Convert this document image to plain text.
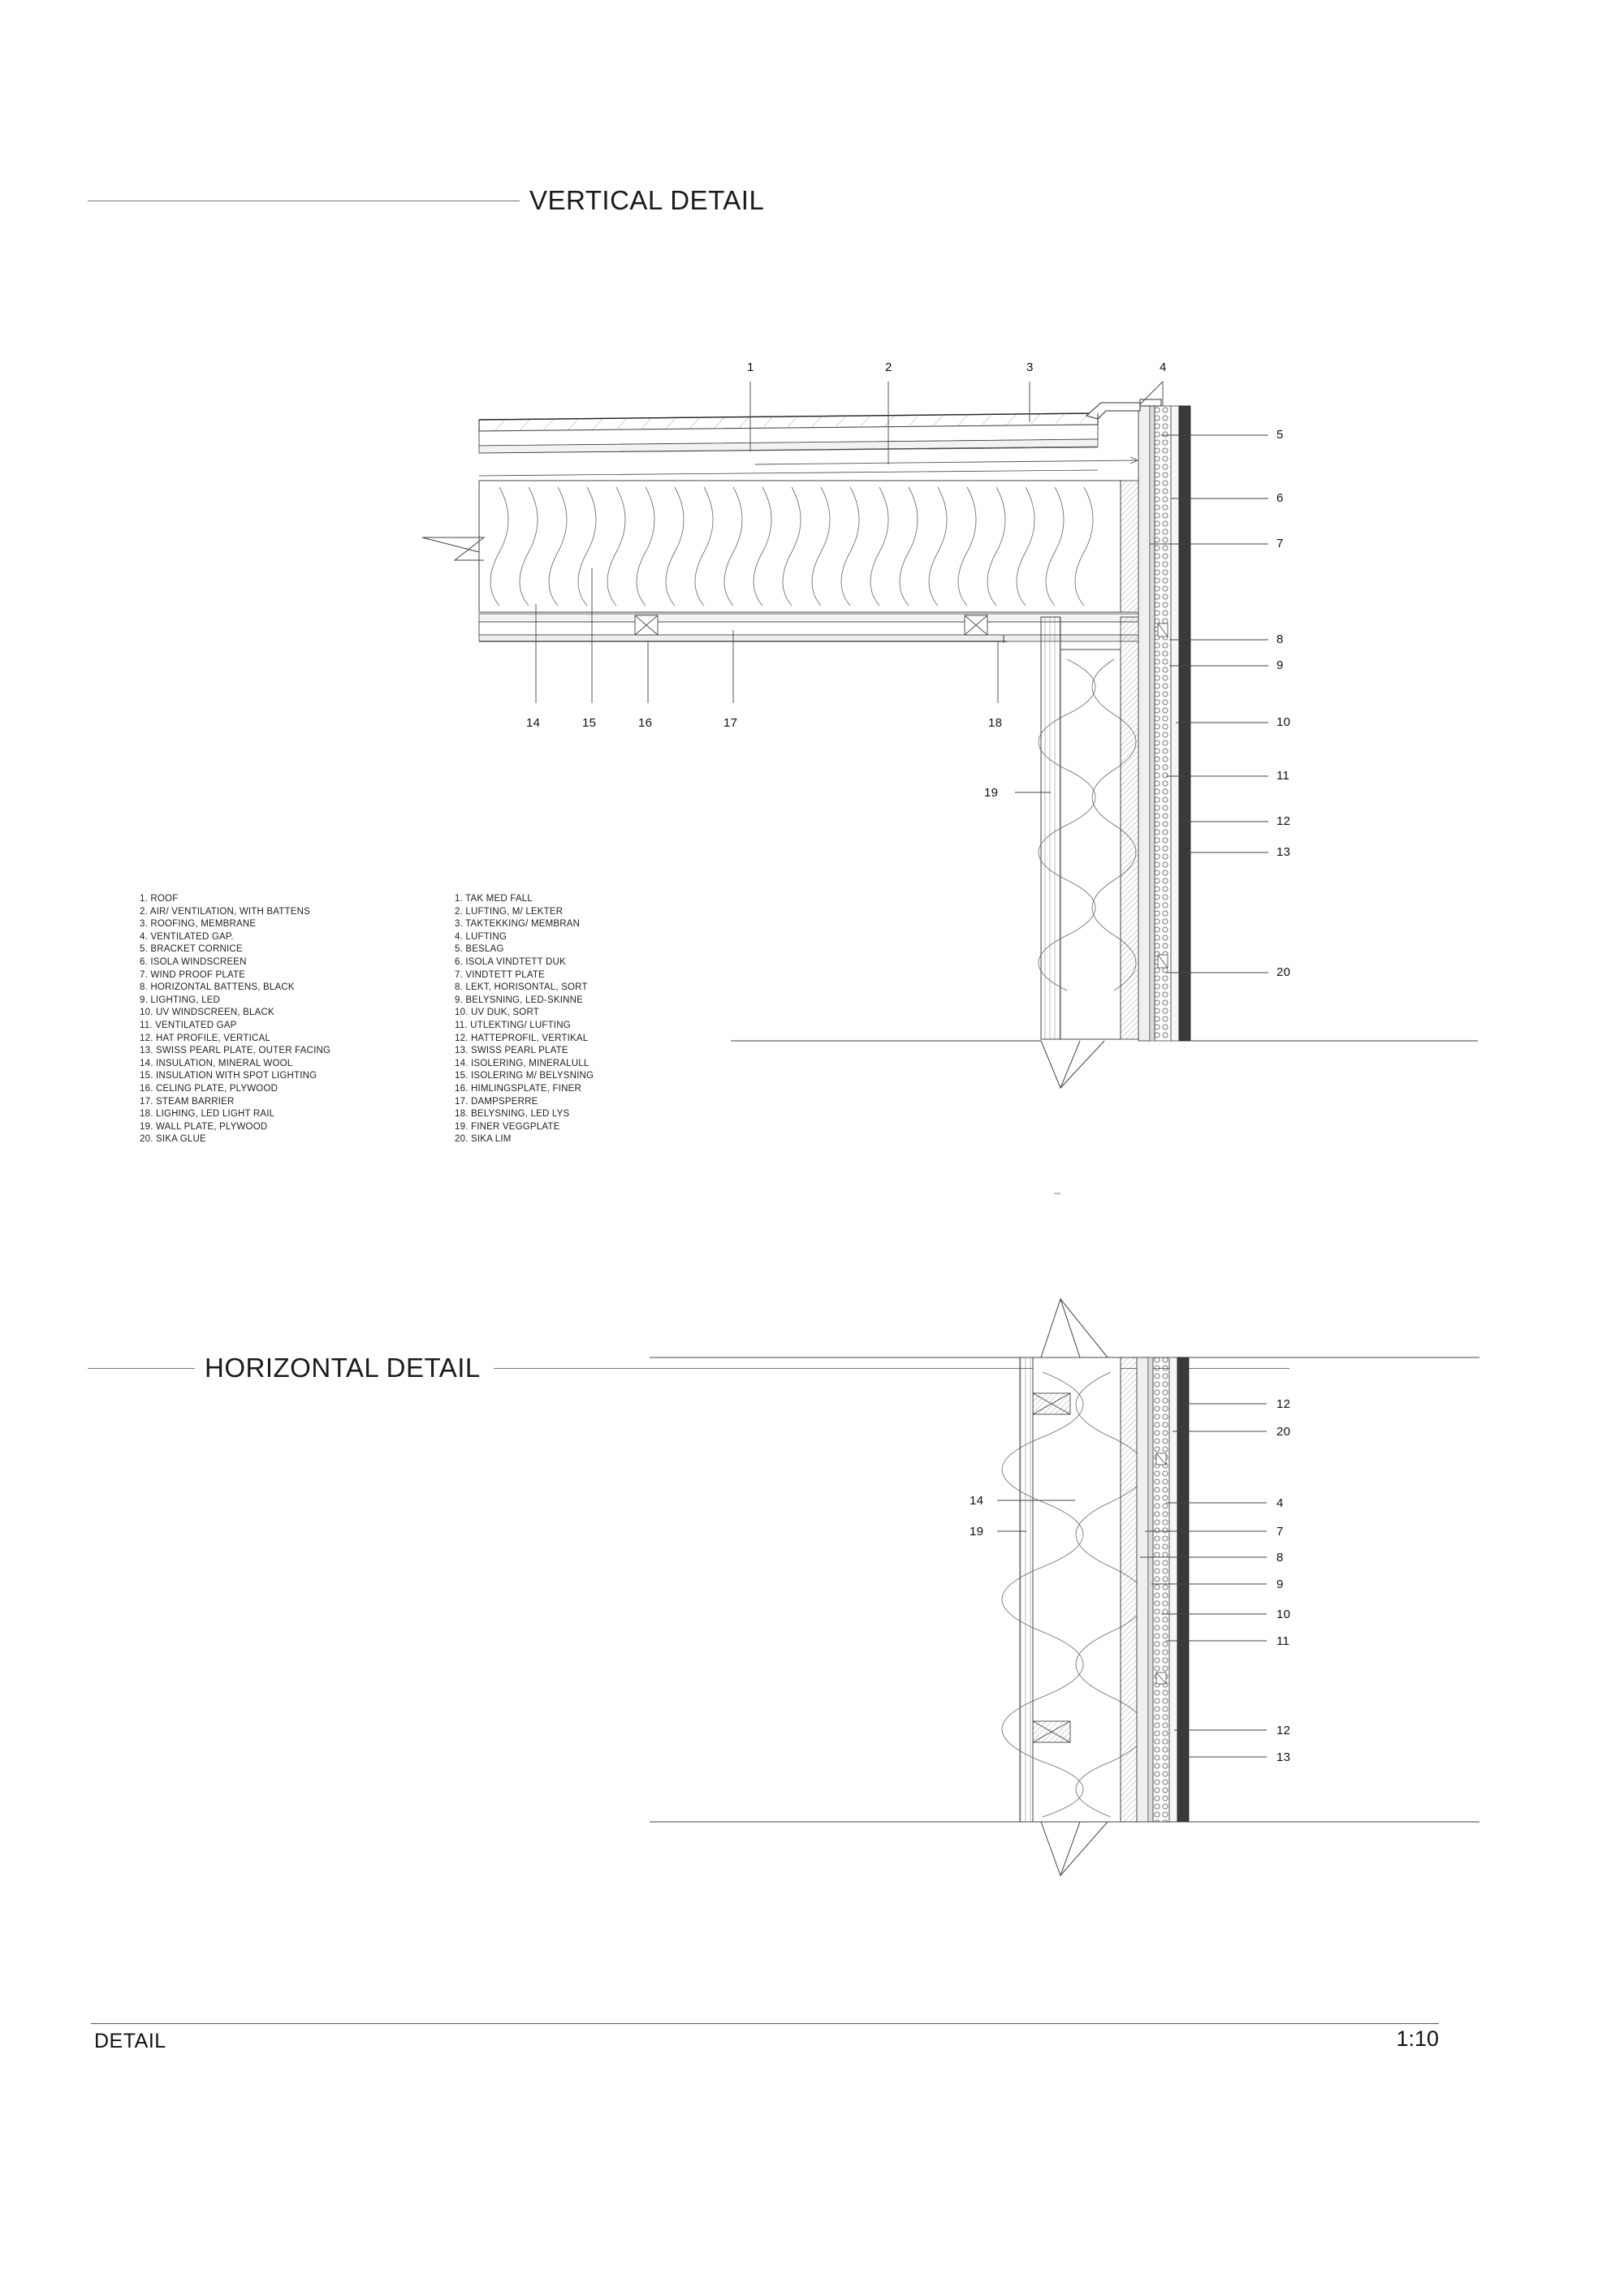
VERTICAL DETAIL
HORIZONTAL DETAIL
1	2	3	4
5
6
7
8
9
10
11
12
13
20
14	15	16	17	18
19
12
20
4
7
8
9
10
11
12
13
14
19
1. ROOF
2. AIR/ VENTILATION, WITH BATTENS
3. ROOFING, MEMBRANE
4. VENTILATED GAP.
5. BRACKET CORNICE
6. ISOLA WINDSCREEN
7. WIND PROOF PLATE
8. HORIZONTAL BATTENS, BLACK
9. LIGHTING, LED
10. UV WINDSCREEN, BLACK
11. VENTILATED GAP
12. HAT PROFILE, VERTICAL
13. SWISS PEARL PLATE, OUTER FACING
14. INSULATION, MINERAL WOOL
15. INSULATION WITH SPOT LIGHTING
16. CELING PLATE, PLYWOOD
17. STEAM BARRIER
18. LIGHING, LED LIGHT RAIL
19. WALL PLATE, PLYWOOD
20. SIKA GLUE
1. TAK MED FALL
2. LUFTING, M/ LEKTER
3. TAKTEKKING/ MEMBRAN
4. LUFTING
5. BESLAG
6. ISOLA VINDTETT DUK
7. VINDTETT PLATE
8. LEKT, HORISONTAL, SORT
9. BELYSNING, LED-SKINNE
10. UV DUK, SORT
11. UTLEKTING/ LUFTING
12. HATTEPROFIL, VERTIKAL
13. SWISS PEARL PLATE
14. ISOLERING, MINERALULL
15. ISOLERING M/ BELYSNING
16. HIMLINGSPLATE, FINER
17. DAMPSPERRE
18. BELYSNING, LED LYS
19. FINER VEGGPLATE
20. SIKA LIM
DETAIL	1:10
